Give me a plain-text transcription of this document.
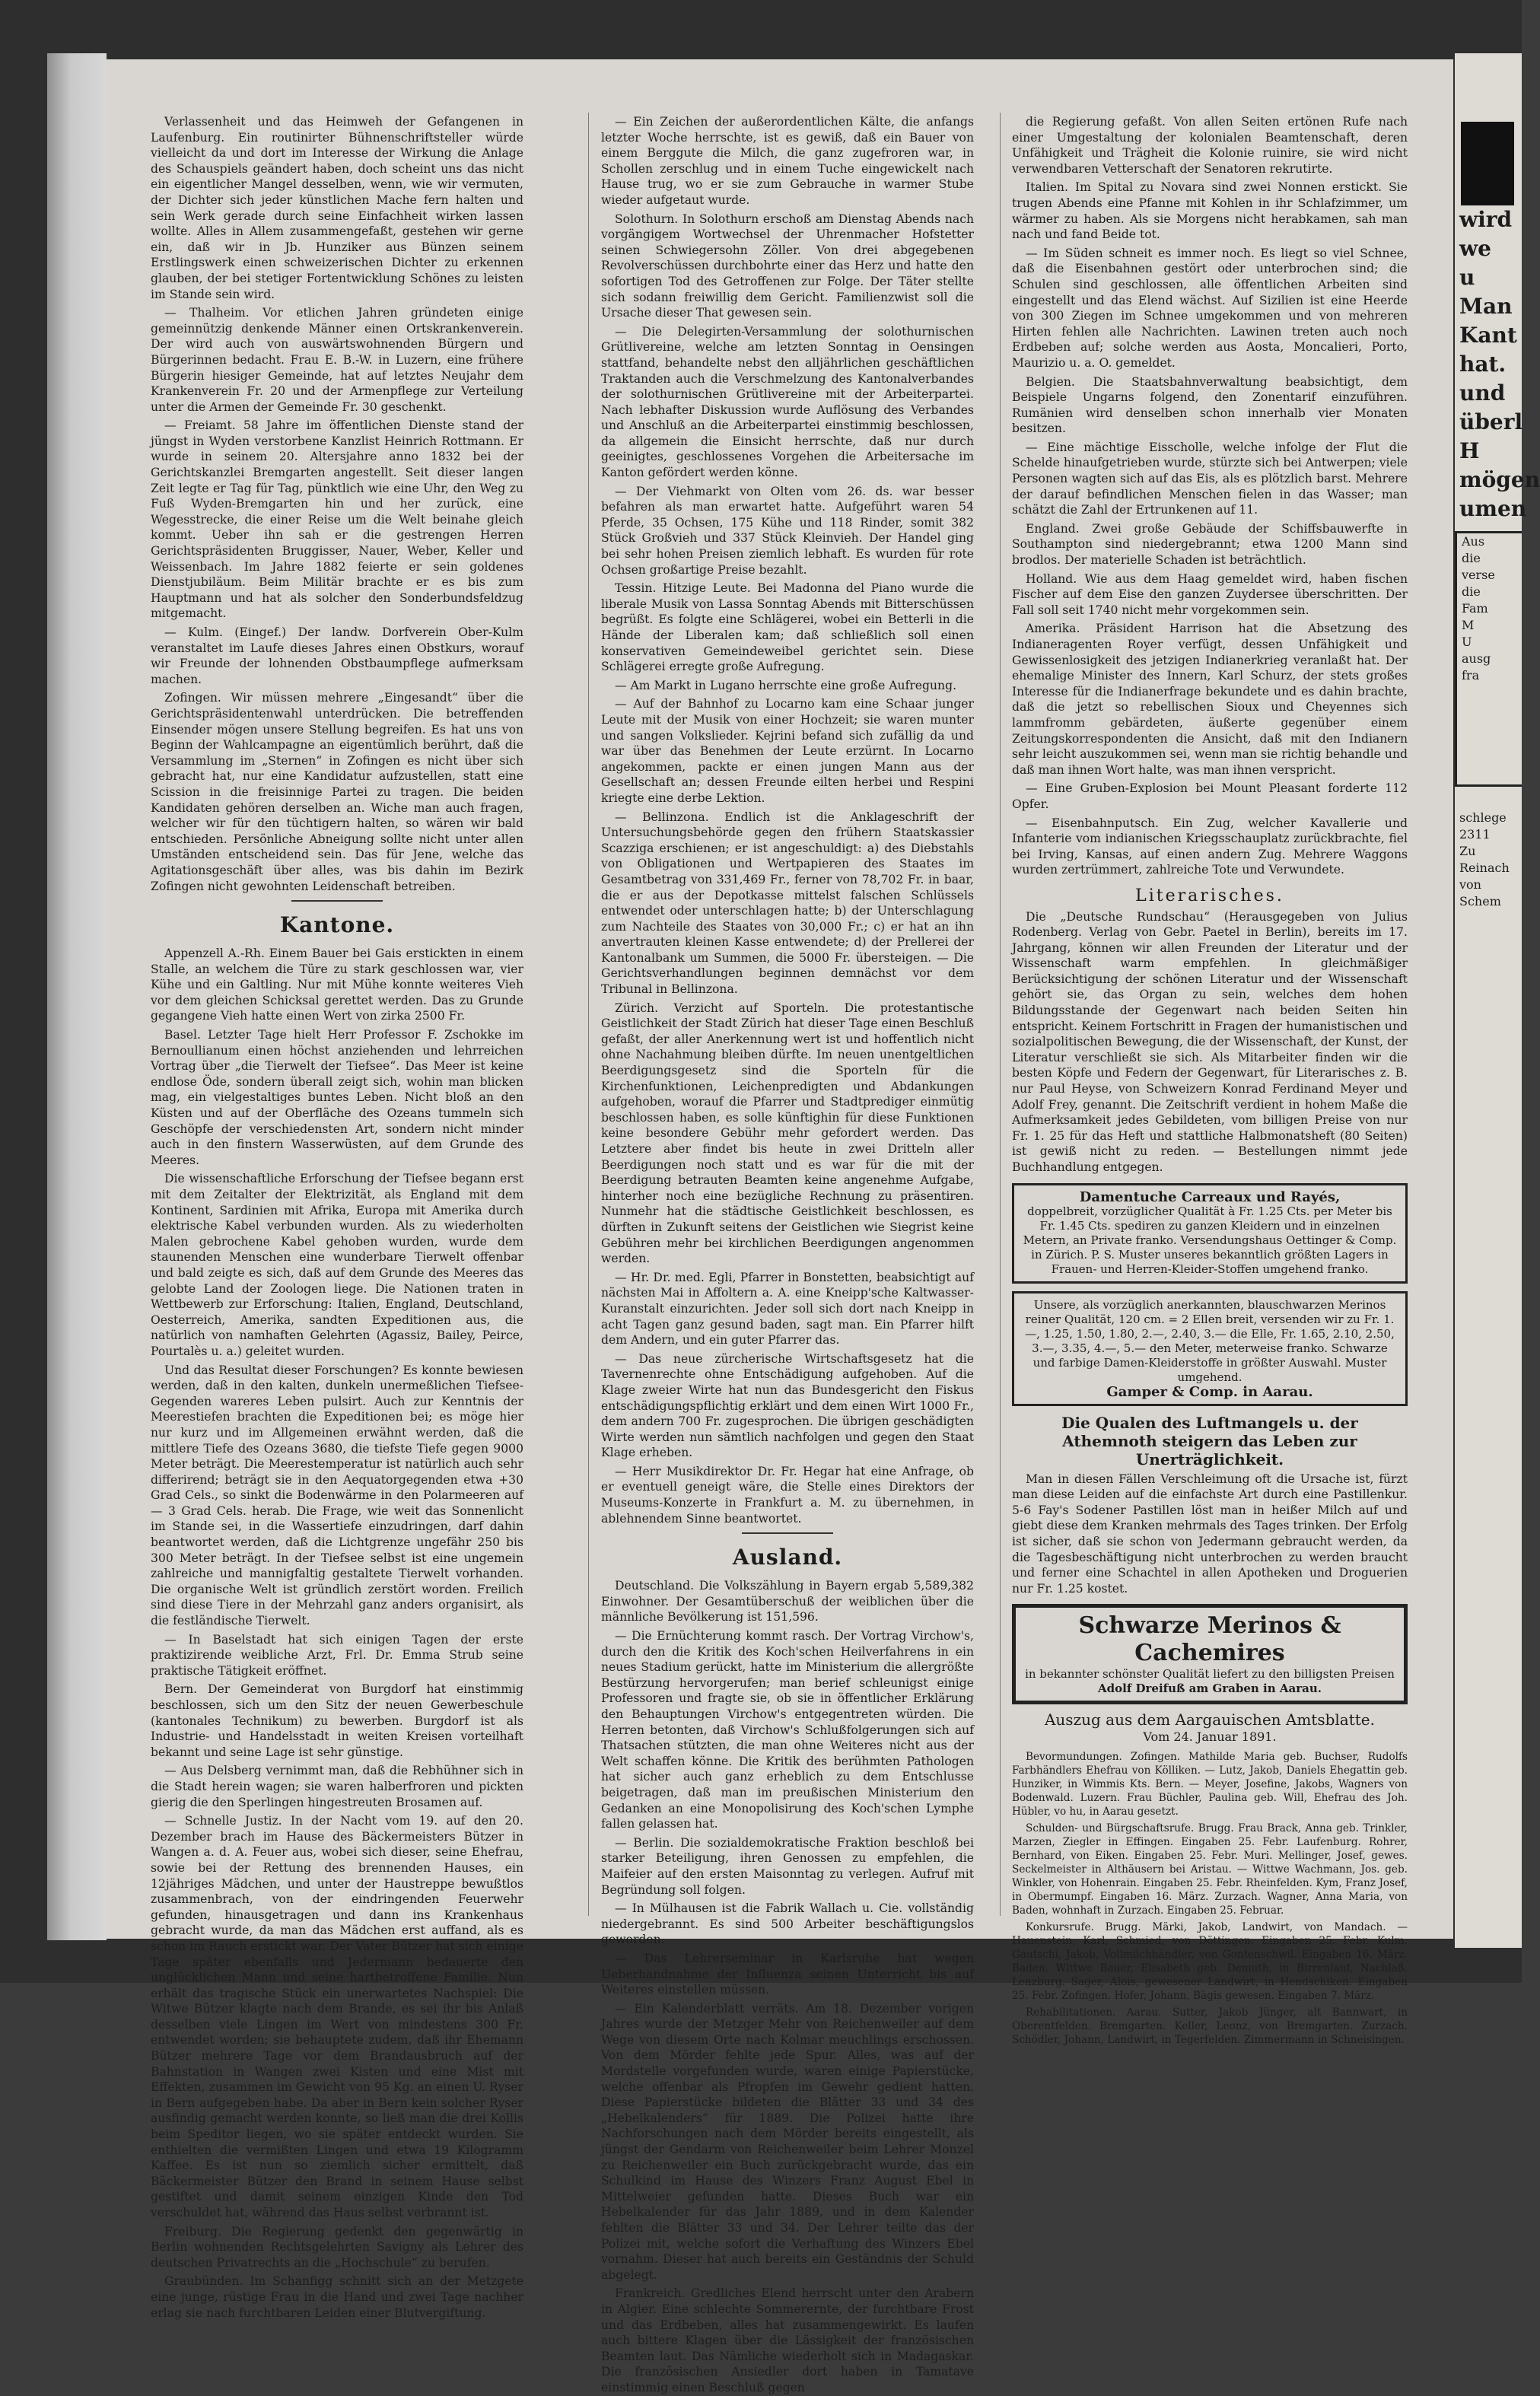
Verlassenheit und das Heimweh der Gefangenen in Laufenburg. Ein routinirter Bühnenschriftsteller würde vielleicht da und dort im Interesse der Wirkung die Anlage des Schauspiels geändert haben, doch scheint uns das nicht ein eigentlicher Mangel desselben, wenn, wie wir vermuten, der Dichter sich jeder künstlichen Mache fern halten und sein Werk gerade durch seine Einfachheit wirken lassen wollte. Alles in Allem zusammengefaßt, gestehen wir gerne ein, daß wir in Jb. Hunziker aus Bünzen seinem Erstlingswerk einen schweizerischen Dichter zu erkennen glauben, der bei stetiger Fortentwicklung Schönes zu leisten im Stande sein wird.

— Thalheim. Vor etlichen Jahren gründeten einige gemeinnützig denkende Männer einen Ortskrankenverein. Der wird auch von auswärtswohnenden Bürgern und Bürgerinnen bedacht. Frau E. B.-W. in Luzern, eine frühere Bürgerin hiesiger Gemeinde, hat auf letztes Neujahr dem Krankenverein Fr. 20 und der Armenpflege zur Verteilung unter die Armen der Gemeinde Fr. 30 geschenkt.

— Freiamt. 58 Jahre im öffentlichen Dienste stand der jüngst in Wyden verstorbene Kanzlist Heinrich Rottmann. Er wurde in seinem 20. Altersjahre anno 1832 bei der Gerichtskanzlei Bremgarten angestellt. Seit dieser langen Zeit legte er Tag für Tag, pünktlich wie eine Uhr, den Weg zu Fuß Wyden-Bremgarten hin und her zurück, eine Wegesstrecke, die einer Reise um die Welt beinahe gleich kommt. Ueber ihn sah er die gestrengen Herren Gerichtspräsidenten Bruggisser, Nauer, Weber, Keller und Weissenbach. Im Jahre 1882 feierte er sein goldenes Dienstjubiläum. Beim Militär brachte er es bis zum Hauptmann und hat als solcher den Sonderbundsfeldzug mitgemacht.

— Kulm. (Eingef.) Der landw. Dorfverein Ober-Kulm veranstaltet im Laufe dieses Jahres einen Obstkurs, worauf wir Freunde der lohnenden Obstbaumpflege aufmerksam machen.

Zofingen. Wir müssen mehrere „Eingesandt“ über die Gerichtspräsidentenwahl unterdrücken. Die betreffenden Einsender mögen unsere Stellung begreifen. Es hat uns von Beginn der Wahlcampagne an eigentümlich berührt, daß die Versammlung im „Sternen“ in Zofingen es nicht über sich gebracht hat, nur eine Kandidatur aufzustellen, statt eine Scission in die freisinnige Partei zu tragen. Die beiden Kandidaten gehören derselben an. Wiche man auch fragen, welcher wir für den tüchtigern halten, so wären wir bald entschieden. Persönliche Abneigung sollte nicht unter allen Umständen entscheidend sein. Das für Jene, welche das Agitationsgeschäft über alles, was bis dahin im Bezirk Zofingen nicht gewohnten Leidenschaft betreiben.

Kantone.

Appenzell A.-Rh. Einem Bauer bei Gais erstickten in einem Stalle, an welchem die Türe zu stark geschlossen war, vier Kühe und ein Galtling. Nur mit Mühe konnte weiteres Vieh vor dem gleichen Schicksal gerettet werden. Das zu Grunde gegangene Vieh hatte einen Wert von zirka 2500 Fr.

Basel. Letzter Tage hielt Herr Professor F. Zschokke im Bernoullianum einen höchst anziehenden und lehrreichen Vortrag über „die Tierwelt der Tiefsee“. Das Meer ist keine endlose Öde, sondern überall zeigt sich, wohin man blicken mag, ein vielgestaltiges buntes Leben. Nicht bloß an den Küsten und auf der Oberfläche des Ozeans tummeln sich Geschöpfe der verschiedensten Art, sondern nicht minder auch in den finstern Wasserwüsten, auf dem Grunde des Meeres.

Die wissenschaftliche Erforschung der Tiefsee begann erst mit dem Zeitalter der Elektrizität, als England mit dem Kontinent, Sardinien mit Afrika, Europa mit Amerika durch elektrische Kabel verbunden wurden. Als zu wiederholten Malen gebrochene Kabel gehoben wurden, wurde dem staunenden Menschen eine wunderbare Tierwelt offenbar und bald zeigte es sich, daß auf dem Grunde des Meeres das gelobte Land der Zoologen liege. Die Nationen traten in Wettbewerb zur Erforschung: Italien, England, Deutschland, Oesterreich, Amerika, sandten Expeditionen aus, die natürlich von namhaften Gelehrten (Agassiz, Bailey, Peirce, Pourtalès u. a.) geleitet wurden.

Und das Resultat dieser Forschungen? Es konnte bewiesen werden, daß in den kalten, dunkeln unermeßlichen Tiefsee-Gegenden wareres Leben pulsirt. Auch zur Kenntnis der Meerestiefen brachten die Expeditionen bei; es möge hier nur kurz und im Allgemeinen erwähnt werden, daß die mittlere Tiefe des Ozeans 3680, die tiefste Tiefe gegen 9000 Meter beträgt. Die Meerestemperatur ist natürlich auch sehr differirend; beträgt sie in den Aequatorgegenden etwa +30 Grad Cels., so sinkt die Bodenwärme in den Polarmeeren auf — 3 Grad Cels. herab. Die Frage, wie weit das Sonnenlicht im Stande sei, in die Wassertiefe einzudringen, darf dahin beantwortet werden, daß die Lichtgrenze ungefähr 250 bis 300 Meter beträgt. In der Tiefsee selbst ist eine ungemein zahlreiche und mannigfaltig gestaltete Tierwelt vorhanden. Die organische Welt ist gründlich zerstört worden. Freilich sind diese Tiere in der Mehrzahl ganz anders organisirt, als die festländische Tierwelt.

— In Baselstadt hat sich einigen Tagen der erste praktizirende weibliche Arzt, Frl. Dr. Emma Strub seine praktische Tätigkeit eröffnet.

Bern. Der Gemeinderat von Burgdorf hat einstimmig beschlossen, sich um den Sitz der neuen Gewerbeschule (kantonales Technikum) zu bewerben. Burgdorf ist als Industrie- und Handelsstadt in weiten Kreisen vorteilhaft bekannt und seine Lage ist sehr günstige.

— Aus Delsberg vernimmt man, daß die Rebhühner sich in die Stadt herein wagen; sie waren halberfroren und pickten gierig die den Sperlingen hingestreuten Brosamen auf.

— Schnelle Justiz. In der Nacht vom 19. auf den 20. Dezember brach im Hause des Bäckermeisters Bützer in Wangen a. d. A. Feuer aus, wobei sich dieser, seine Ehefrau, sowie bei der Rettung des brennenden Hauses, ein 12jähriges Mädchen, und unter der Haustreppe bewußtlos zusammenbrach, von der eindringenden Feuerwehr gefunden, hinausgetragen und dann ins Krankenhaus gebracht wurde, da man das Mädchen erst auffand, als es schon im Rauch erstickt war. Der Vater Bützer hat sich einige Tage später ebenfalls und Jedermann bedauerte den unglücklichen Mann und seine hartbetroffene Familie. Nun erhält das tragische Stück ein unerwartetes Nachspiel: Die Witwe Bützer klagte nach dem Brande, es sei ihr bis Anlaß desselben viele Lingen im Wert von mindestens 300 Fr. entwendet worden; sie behauptete zudem, daß ihr Ehemann Bützer mehrere Tage vor dem Brandausbruch auf der Bahnstation in Wangen zwei Kisten und eine Mist mit Effekten, zusammen im Gewicht von 95 Kg. an einen U. Ryser in Bern aufgegeben habe. Da aber in Bern kein solcher Ryser ausfindig gemacht werden konnte, so ließ man die drei Kollis beim Speditor liegen, wo sie später entdeckt wurden. Sie enthielten die vermißten Lingen und etwa 19 Kilogramm Kaffee. Es ist nun so ziemlich sicher ermittelt, daß Bäckermeister Bützer den Brand in seinem Hause selbst gestiftet und damit seinem einzigen Kinde den Tod verschuldet hat, während das Haus selbst verbrannt ist.

Freiburg. Die Regierung gedenkt den gegenwärtig in Berlin wohnenden Rechtsgelehrten Savigny als Lehrer des deutschen Privatrechts an die „Hochschule“ zu berufen.

Graubünden. Im Schanfigg schnitt sich an der Metzgete eine junge, rüstige Frau in die Hand und zwei Tage nachher erlag sie nach furchtbaren Leiden einer Blutvergiftung.

— Ein Zeichen der außerordentlichen Kälte, die anfangs letzter Woche herrschte, ist es gewiß, daß ein Bauer von einem Berggute die Milch, die ganz zugefroren war, in Schollen zerschlug und in einem Tuche eingewickelt nach Hause trug, wo er sie zum Gebrauche in warmer Stube wieder aufgetaut wurde.

Solothurn. In Solothurn erschoß am Dienstag Abends nach vorgängigem Wortwechsel der Uhrenmacher Hofstetter seinen Schwiegersohn Zöller. Von drei abgegebenen Revolverschüssen durchbohrte einer das Herz und hatte den sofortigen Tod des Getroffenen zur Folge. Der Täter stellte sich sodann freiwillig dem Gericht. Familienzwist soll die Ursache dieser That gewesen sein.

— Die Delegirten-Versammlung der solothurnischen Grütlivereine, welche am letzten Sonntag in Oensingen stattfand, behandelte nebst den alljährlichen geschäftlichen Traktanden auch die Verschmelzung des Kantonalverbandes der solothurnischen Grütlivereine mit der Arbeiterpartei. Nach lebhafter Diskussion wurde Auflösung des Verbandes und Anschluß an die Arbeiterpartei einstimmig beschlossen, da allgemein die Einsicht herrschte, daß nur durch geeinigtes, geschlossenes Vorgehen die Arbeitersache im Kanton gefördert werden könne.

— Der Viehmarkt von Olten vom 26. ds. war besser befahren als man erwartet hatte. Aufgeführt waren 54 Pferde, 35 Ochsen, 175 Kühe und 118 Rinder, somit 382 Stück Großvieh und 337 Stück Kleinvieh. Der Handel ging bei sehr hohen Preisen ziemlich lebhaft. Es wurden für rote Ochsen großartige Preise bezahlt.

Tessin. Hitzige Leute. Bei Madonna del Piano wurde die liberale Musik von Lassa Sonntag Abends mit Bitterschüssen begrüßt. Es folgte eine Schlägerei, wobei ein Betterli in die Hände der Liberalen kam; daß schließlich soll einen konservativen Gemeindeweibel gerichtet sein. Diese Schlägerei erregte große Aufregung.

— Am Markt in Lugano herrschte eine große Aufregung.

— Auf der Bahnhof zu Locarno kam eine Schaar junger Leute mit der Musik von einer Hochzeit; sie waren munter und sangen Volkslieder. Kejrini befand sich zufällig da und war über das Benehmen der Leute erzürnt. In Locarno angekommen, packte er einen jungen Mann aus der Gesellschaft an; dessen Freunde eilten herbei und Respini kriegte eine derbe Lektion.

— Bellinzona. Endlich ist die Anklageschrift der Untersuchungsbehörde gegen den frühern Staatskassier Scazziga erschienen; er ist angeschuldigt: a) des Diebstahls von Obligationen und Wertpapieren des Staates im Gesamtbetrag von 331,469 Fr., ferner von 78,702 Fr. in baar, die er aus der Depotkasse mittelst falschen Schlüssels entwendet oder unterschlagen hatte; b) der Unterschlagung zum Nachteile des Staates von 30,000 Fr.; c) er hat an ihn anvertrauten kleinen Kasse entwendete; d) der Prellerei der Kantonalbank um Summen, die 5000 Fr. übersteigen. — Die Gerichtsverhandlungen beginnen demnächst vor dem Tribunal in Bellinzona.

Zürich. Verzicht auf Sporteln. Die protestantische Geistlichkeit der Stadt Zürich hat dieser Tage einen Beschluß gefaßt, der aller Anerkennung wert ist und hoffentlich nicht ohne Nachahmung bleiben dürfte. Im neuen unentgeltlichen Beerdigungsgesetz sind die Sporteln für die Kirchenfunktionen, Leichenpredigten und Abdankungen aufgehoben, worauf die Pfarrer und Stadtprediger einmütig beschlossen haben, es solle künftighin für diese Funktionen keine besondere Gebühr mehr gefordert werden. Das Letztere aber findet bis heute in zwei Dritteln aller Beerdigungen noch statt und es war für die mit der Beerdigung betrauten Beamten keine angenehme Aufgabe, hinterher noch eine bezügliche Rechnung zu präsentiren. Nunmehr hat die städtische Geistlichkeit beschlossen, es dürften in Zukunft seitens der Geistlichen wie Siegrist keine Gebühren mehr bei kirchlichen Beerdigungen angenommen werden.

— Hr. Dr. med. Egli, Pfarrer in Bonstetten, beabsichtigt auf nächsten Mai in Affoltern a. A. eine Kneipp'sche Kaltwasser-Kuranstalt einzurichten. Jeder soll sich dort nach Kneipp in acht Tagen ganz gesund baden, sagt man. Ein Pfarrer hilft dem Andern, und ein guter Pfarrer das.

— Das neue zürcherische Wirtschaftsgesetz hat die Tavernenrechte ohne Entschädigung aufgehoben. Auf die Klage zweier Wirte hat nun das Bundesgericht den Fiskus entschädigungspflichtig erklärt und dem einen Wirt 1000 Fr., dem andern 700 Fr. zugesprochen. Die übrigen geschädigten Wirte werden nun sämtlich nachfolgen und gegen den Staat Klage erheben.

— Herr Musikdirektor Dr. Fr. Hegar hat eine Anfrage, ob er eventuell geneigt wäre, die Stelle eines Direktors der Museums-Konzerte in Frankfurt a. M. zu übernehmen, in ablehnendem Sinne beantwortet.

Ausland.

Deutschland. Die Volkszählung in Bayern ergab 5,589,382 Einwohner. Der Gesamtüberschuß der weiblichen über die männliche Bevölkerung ist 151,596.

— Die Ernüchterung kommt rasch. Der Vortrag Virchow's, durch den die Kritik des Koch'schen Heilverfahrens in ein neues Stadium gerückt, hatte im Ministerium die allergrößte Bestürzung hervorgerufen; man berief schleunigst einige Professoren und fragte sie, ob sie in öffentlicher Erklärung den Behauptungen Virchow's entgegentreten würden. Die Herren betonten, daß Virchow's Schlußfolgerungen sich auf Thatsachen stützten, die man ohne Weiteres nicht aus der Welt schaffen könne. Die Kritik des berühmten Pathologen hat sicher auch ganz erheblich zu dem Entschlusse beigetragen, daß man im preußischen Ministerium den Gedanken an eine Monopolisirung des Koch'schen Lymphe fallen gelassen hat.

— Berlin. Die sozialdemokratische Fraktion beschloß bei starker Beteiligung, ihren Genossen zu empfehlen, die Maifeier auf den ersten Maisonntag zu verlegen. Aufruf mit Begründung soll folgen.

— In Mülhausen ist die Fabrik Wallach u. Cie. vollständig niedergebrannt. Es sind 500 Arbeiter beschäftigungslos geworden.

— Das Lehrerseminar in Karlsruhe hat wegen Ueberhandnahme der Influenza seinen Unterricht bis auf Weiteres einstellen müssen.

— Ein Kalenderblatt verräts. Am 18. Dezember vorigen Jahres wurde der Metzger Mehr von Reichenweiler auf dem Wege von diesem Orte nach Kolmar meuchlings erschossen. Von dem Mörder fehlte jede Spur. Alles, was auf der Mordstelle vorgefunden wurde, waren einige Papierstücke, welche offenbar als Pfropfen im Gewehr gedient hatten. Diese Papierstücke bildeten die Blätter 33 und 34 des „Hebelkalenders“ für 1889. Die Polizei hatte ihre Nachforschungen nach dem Mörder bereits eingestellt, als jüngst der Gendarm von Reichenweiler beim Lehrer Monzel zu Reichenweiler ein Buch zurückgebracht wurde, das ein Schulkind im Hause des Winzers Franz August Ebel in Mittelweier gefunden hatte. Dieses Buch war ein Hebelkalender für das Jahr 1889, und in dem Kalender fehlten die Blätter 33 und 34. Der Lehrer teilte das der Polizei mit, welche sofort die Verhaftung des Winzers Ebel vornahm. Dieser hat auch bereits ein Geständnis der Schuld abgelegt.

Frankreich. Gredliches Elend herrscht unter den Arabern in Algier. Eine schlechte Sommerernte, der furchtbare Frost und das Erdbeben, alles hat zusammengewirkt. Es laufen auch bittere Klagen über die Lässigkeit der französischen Beamten laut. Das Nämliche wiederholt sich in Madagaskar. Die französischen Ansiedler dort haben in Tamatave einstimmig einen Beschluß gegen

die Regierung gefaßt. Von allen Seiten ertönen Rufe nach einer Umgestaltung der kolonialen Beamtenschaft, deren Unfähigkeit und Trägheit die Kolonie ruinire, sie wird nicht verwendbaren Vetterschaft der Senatoren rekrutirte.

Italien. Im Spital zu Novara sind zwei Nonnen erstickt. Sie trugen Abends eine Pfanne mit Kohlen in ihr Schlafzimmer, um wärmer zu haben. Als sie Morgens nicht herabkamen, sah man nach und fand Beide tot.

— Im Süden schneit es immer noch. Es liegt so viel Schnee, daß die Eisenbahnen gestört oder unterbrochen sind; die Schulen sind geschlossen, alle öffentlichen Arbeiten sind eingestellt und das Elend wächst. Auf Sizilien ist eine Heerde von 300 Ziegen im Schnee umgekommen und von mehreren Hirten fehlen alle Nachrichten. Lawinen treten auch noch Erdbeben auf; solche werden aus Aosta, Moncalieri, Porto, Maurizio u. a. O. gemeldet.

Belgien. Die Staatsbahnverwaltung beabsichtigt, dem Beispiele Ungarns folgend, den Zonentarif einzuführen. Rumänien wird denselben schon innerhalb vier Monaten besitzen.

— Eine mächtige Eisscholle, welche infolge der Flut die Schelde hinaufgetrieben wurde, stürzte sich bei Antwerpen; viele Personen wagten sich auf das Eis, als es plötzlich barst. Mehrere der darauf befindlichen Menschen fielen in das Wasser; man schätzt die Zahl der Ertrunkenen auf 11.

England. Zwei große Gebäude der Schiffsbauwerfte in Southampton sind niedergebrannt; etwa 1200 Mann sind brodlos. Der materielle Schaden ist beträchtlich.

Holland. Wie aus dem Haag gemeldet wird, haben fischen Fischer auf dem Eise den ganzen Zuydersee überschritten. Der Fall soll seit 1740 nicht mehr vorgekommen sein.

Amerika. Präsident Harrison hat die Absetzung des Indianeragenten Royer verfügt, dessen Unfähigkeit und Gewissenlosigkeit des jetzigen Indianerkrieg veranlaßt hat. Der ehemalige Minister des Innern, Karl Schurz, der stets großes Interesse für die Indianerfrage bekundete und es dahin brachte, daß die jetzt so rebellischen Sioux und Cheyennes sich lammfromm gebärdeten, äußerte gegenüber einem Zeitungskorrespondenten die Ansicht, daß mit den Indianern sehr leicht auszukommen sei, wenn man sie richtig behandle und daß man ihnen Wort halte, was man ihnen verspricht.

— Eine Gruben-Explosion bei Mount Pleasant forderte 112 Opfer.

— Eisenbahnputsch. Ein Zug, welcher Kavallerie und Infanterie vom indianischen Kriegsschauplatz zurückbrachte, fiel bei Irving, Kansas, auf einen andern Zug. Mehrere Waggons wurden zertrümmert, zahlreiche Tote und Verwundete.

Literarisches.

Die „Deutsche Rundschau“ (Herausgegeben von Julius Rodenberg. Verlag von Gebr. Paetel in Berlin), bereits im 17. Jahrgang, können wir allen Freunden der Literatur und der Wissenschaft warm empfehlen. In gleichmäßiger Berücksichtigung der schönen Literatur und der Wissenschaft gehört sie, das Organ zu sein, welches dem hohen Bildungsstande der Gegenwart nach beiden Seiten hin entspricht. Keinem Fortschritt in Fragen der humanistischen und sozialpolitischen Bewegung, die der Wissenschaft, der Kunst, der Literatur verschließt sie sich. Als Mitarbeiter finden wir die besten Köpfe und Federn der Gegenwart, für Literarisches z. B. nur Paul Heyse, von Schweizern Konrad Ferdinand Meyer und Adolf Frey, genannt. Die Zeitschrift verdient in hohem Maße die Aufmerksamkeit jedes Gebildeten, vom billigen Preise von nur Fr. 1. 25 für das Heft und stattliche Halbmonatsheft (80 Seiten) ist gewiß nicht zu reden. — Bestellungen nimmt jede Buchhandlung entgegen.

Damentuche Carreaux und Rayés,
doppelbreit, vorzüglicher Qualität à Fr. 1.25 Cts. per Meter bis Fr. 1.45 Cts. spediren zu ganzen Kleidern und in einzelnen Metern, an Private franko. Versendungshaus Oettinger & Comp. in Zürich. P. S. Muster unseres bekanntlich größten Lagers in Frauen- und Herren-Kleider-Stoffen umgehend franko.
Unsere, als vorzüglich anerkannten, blauschwarzen Merinos reiner Qualität, 120 cm. = 2 Ellen breit, versenden wir zu Fr. 1.—, 1.25, 1.50, 1.80, 2.—, 2.40, 3.— die Elle, Fr. 1.65, 2.10, 2.50, 3.—, 3.35, 4.—, 5.— den Meter, meterweise franko. Schwarze und farbige Damen-Kleiderstoffe in größter Auswahl. Muster umgehend.
Gamper & Comp. in Aarau.
Die Qualen des Luftmangels u. der Athemnoth steigern das Leben zur Unerträglichkeit.

Man in diesen Fällen Verschleimung oft die Ursache ist, fürzt man diese Leiden auf die einfachste Art durch eine Pastillenkur. 5-6 Fay's Sodener Pastillen löst man in heißer Milch auf und giebt diese dem Kranken mehrmals des Tages trinken. Der Erfolg ist sicher, daß sie schon von Jedermann gebraucht werden, da die Tagesbeschäftigung nicht unterbrochen zu werden braucht und ferner eine Schachtel in allen Apotheken und Droguerien nur Fr. 1.25 kostet.

Schwarze Merinos & Cachemires
in bekannter schönster Qualität liefert zu den billigsten Preisen
Adolf Dreifuß am Graben in Aarau.
Auszug aus dem Aargauischen Amtsblatte.
Vom 24. Januar 1891.

Bevormundungen. Zofingen. Mathilde Maria geb. Buchser, Rudolfs Farbhändlers Ehefrau von Kölliken. — Lutz, Jakob, Daniels Ehegattin geb. Hunziker, in Wimmis Kts. Bern. — Meyer, Josefine, Jakobs, Wagners von Bodenwald. Luzern. Frau Büchler, Paulina geb. Will, Ehefrau des Joh. Hübler, vo hu, in Aarau gesetzt.

Schulden- und Bürgschaftsrufe. Brugg. Frau Brack, Anna geb. Trinkler, Marzen, Ziegler in Effingen. Eingaben 25. Febr. Laufenburg. Rohrer, Bernhard, von Eiken. Eingaben 25. Febr. Muri. Mellinger, Josef, gewes. Seckelmeister in Althäusern bei Aristau. — Wittwe Wachmann, Jos. geb. Winkler, von Hohenrain. Eingaben 25. Febr. Rheinfelden. Kym, Franz Josef, in Obermumpf. Eingaben 16. März. Zurzach. Wagner, Anna Maria, von Baden, wohnhaft in Zurzach. Eingaben 25. Februar.

Konkursrufe. Brugg. Märki, Jakob, Landwirt, von Mandach. — Hauenstein, Karl, Schmied, von Döttingen. Eingaben 25. Febr. Kulm. Gautschi, Jakob, Vollmilchhändler, von Gontenschwil. Eingaben 16. März. Baden. Wittwe Bauer, Elisabeth geb. Demuth, in Birrenlauf, Nachlaß. Lenzburg. Sager, Alois, gewesener Landwirt, in Hendschiken. Eingaben 25. Febr. Zofingen. Hofer, Johann, Bägis gewesen. Eingaben 7. März.

Rehabilitationen. Aarau. Sutter, Jakob Jünger, alt Bannwart, in Oberentfelden. Bremgarten. Keller, Leonz, von Bremgarten. Zurzach. Schödler, Johann, Landwirt, in Tegerfelden. Zimmermann in Schneisingen.

wird
we
u
Man
Kant
hat.
und
überl
H
mögen
umen
Aus
die
verse
die
Fam
M
U
ausg
fra
schlege
2311
Zu
Reinach
von
Schem
